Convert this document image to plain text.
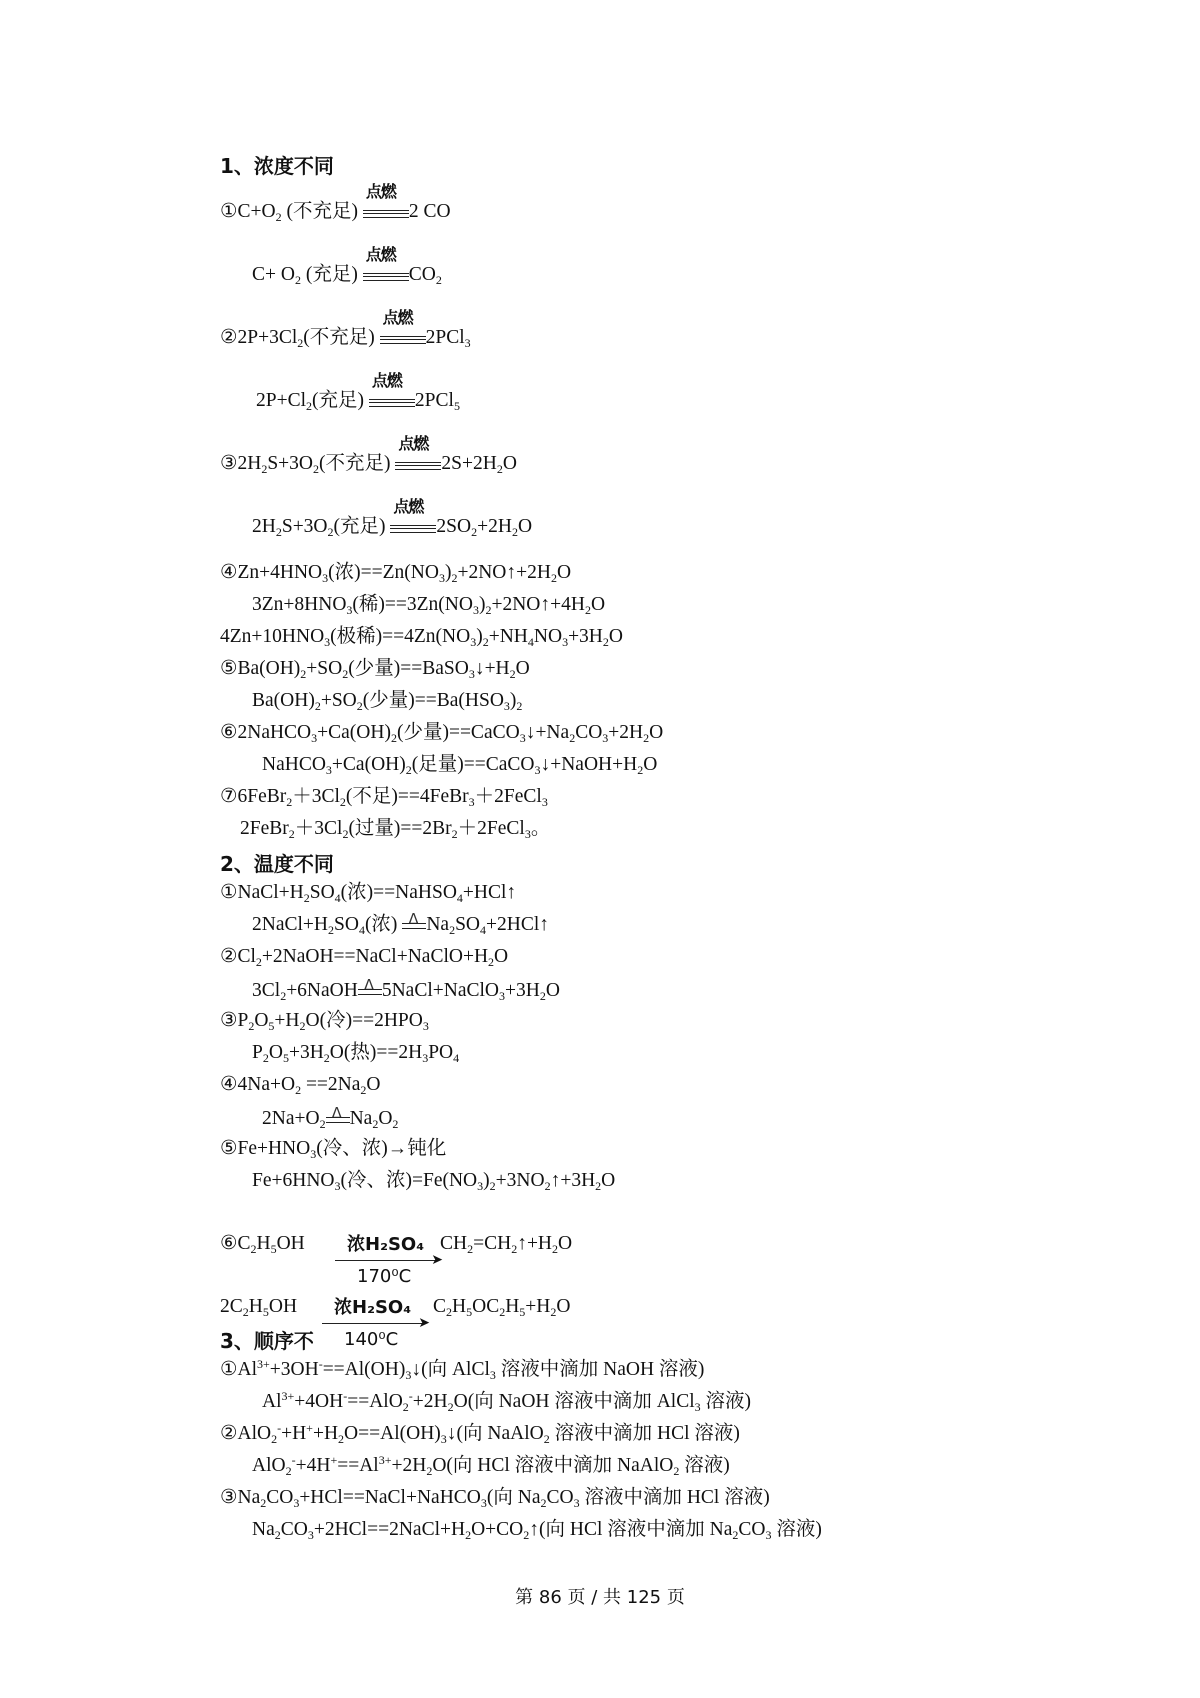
1、浓度不同
$①C+O_2$ (不充足)
点燃
2 CO
$C+ O_2$ (充足)
点燃
$CO_2$
$②2P+3Cl_2$(不充足)
点燃
2PCl$_3$
$2P+Cl_2$(充足)
点燃
2PCl$_5$
$③2H_2S+3O_2$(不充足)
点燃
$2S+2H_2O$
$2H_2S+3O_2$(充足)
点燃
$2SO_2+2H_2O$
$④Zn+4HNO_3$(浓)$==Zn(NO_3)_2+2NO↑+2H_2O$
$3Zn+8HNO_3$(稀)$==3Zn(NO_3)_2+2NO↑+4H_2O$
$4Zn+10HNO_3$(极稀)$==4Zn(NO_3)_2+NH_4NO_3+3H_2O$
$⑤Ba(OH)_2+SO_2$(少量)$==BaSO_3↓+H_2O$
$Ba(OH)_2+SO_2$(少量)$==Ba(HSO_3)_2$
$⑥2NaHCO_3+Ca(OH)_2$(少量)$==CaCO_3↓+Na_2CO_3+2H_2O$
$NaHCO_3+Ca(OH)_2$(足量)$==CaCO_3↓+NaOH+H_2O$
$⑦6FeBr_2+3Cl_2$(不足)==4FeBr$_3$＋2FeCl$_3$
$2FeBr_2+3Cl_2$(过量)$==2Br_2+2FeCl_3$。
2、温度不同
$①NaCl+H_2SO_4$(浓)==NaHSO$_4$+HCl↑
$2NaCl+H_2SO_4$(浓) Δ $Na_2SO_4+2HCl↑$
$②Cl_2+2NaOH==NaCl+NaClO+H_2O$
$3Cl_2+6NaOH$ Δ $5NaCl+NaClO_3+3H_2O$
$③P_2O_5+H_2O$(冷)$==2HPO_3$
$P_2O_5+3H_2O$(热)$==2H_3PO_4$
$④4Na+O_2 ==2Na_2O$
$2Na+O_2$
Δ $Na_2O_2$
$⑤Fe+HNO_3$(冷、浓)→钝化
$Fe+6HNO_3$(冷、浓)$=Fe(NO_3)_2+3NO_2↑+3H_2O$
$⑥C_2H_5OH$ 浓H₂SO₄
➤
170⁰C
$CH_2=CH_2↑+H_2O$
$2C_2H_5OH$ 浓H₂SO₄
➤
140⁰C
$C_2H_5OC_2H_5+H_2O$
3、顺序不
$①Al^{3+}+3OH^-==Al(OH)_3↓$(向 AlCl$_3$ 溶液中滴加 NaOH 溶液)
$Al^{3+}+4OH^-==AlO_2^-+2H_2O$(向 NaOH 溶液中滴加 AlCl$_3$ 溶液)
$②AlO_2^-+H^++H_2O==Al(OH)_3↓$(向 NaAlO$_2$ 溶液中滴加 HCl 溶液)
$AlO_2^-+4H^+==Al^{3+}+2H_2O$(向 HCl 溶液中滴加 NaAlO$_2$ 溶液)
$③Na_2CO_3+HCl==NaCl+NaHCO_3$(向 $Na_2CO_3$ 溶液中滴加 HCl 溶液)
$Na_2CO_3+2HCl==2NaCl+H_2O+CO_2↑$(向 HCl 溶液中滴加 $Na_2CO_3$ 溶液)
第 86 页 / 共 125 页
